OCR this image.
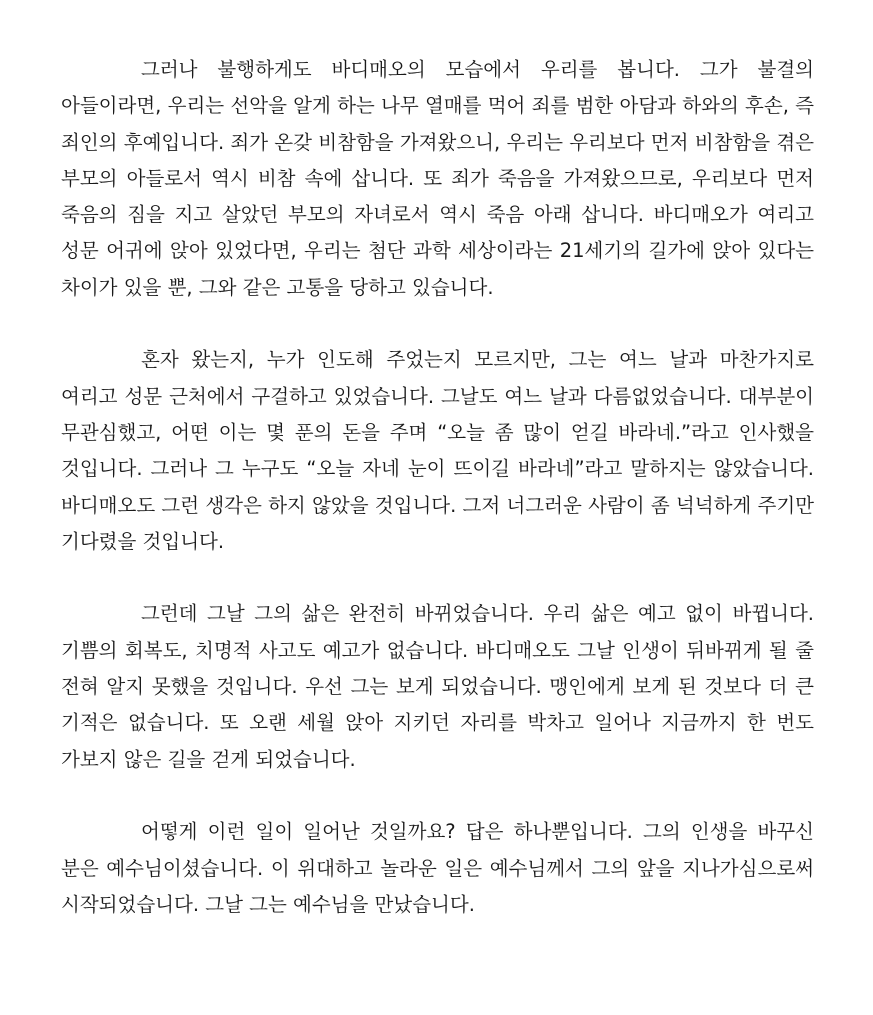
그러나 불행하게도 바디매오의 모습에서 우리를 봅니다. 그가 불결의 아들이라면, 우리는 선악을 알게 하는 나무 열매를 먹어 죄를 범한 아담과 하와의 후손, 즉 죄인의 후예입니다. 죄가 온갖 비참함을 가져왔으니, 우리는 우리보다 먼저 비참함을 겪은 부모의 아들로서 역시 비참 속에 삽니다. 또 죄가 죽음을 가져왔으므로, 우리보다 먼저 죽음의 짐을 지고 살았던 부모의 자녀로서 역시 죽음 아래 삽니다. 바디매오가 여리고 성문 어귀에 앉아 있었다면, 우리는 첨단 과학 세상이라는 21세기의 길가에 앉아 있다는 차이가 있을 뿐, 그와 같은 고통을 당하고 있습니다.

혼자 왔는지, 누가 인도해 주었는지 모르지만, 그는 여느 날과 마찬가지로 여리고 성문 근처에서 구걸하고 있었습니다. 그날도 여느 날과 다름없었습니다. 대부분이 무관심했고, 어떤 이는 몇 푼의 돈을 주며 “오늘 좀 많이 얻길 바라네.”라고 인사했을 것입니다. 그러나 그 누구도 “오늘 자네 눈이 뜨이길 바라네”라고 말하지는 않았습니다. 바디매오도 그런 생각은 하지 않았을 것입니다. 그저 너그러운 사람이 좀 넉넉하게 주기만 기다렸을 것입니다.

그런데 그날 그의 삶은 완전히 바뀌었습니다. 우리 삶은 예고 없이 바뀝니다. 기쁨의 회복도, 치명적 사고도 예고가 없습니다. 바디매오도 그날 인생이 뒤바뀌게 될 줄 전혀 알지 못했을 것입니다. 우선 그는 보게 되었습니다. 맹인에게 보게 된 것보다 더 큰 기적은 없습니다. 또 오랜 세월 앉아 지키던 자리를 박차고 일어나 지금까지 한 번도 가보지 않은 길을 걷게 되었습니다.

어떻게 이런 일이 일어난 것일까요? 답은 하나뿐입니다. 그의 인생을 바꾸신 분은 예수님이셨습니다. 이 위대하고 놀라운 일은 예수님께서 그의 앞을 지나가심으로써 시작되었습니다. 그날 그는 예수님을 만났습니다.
